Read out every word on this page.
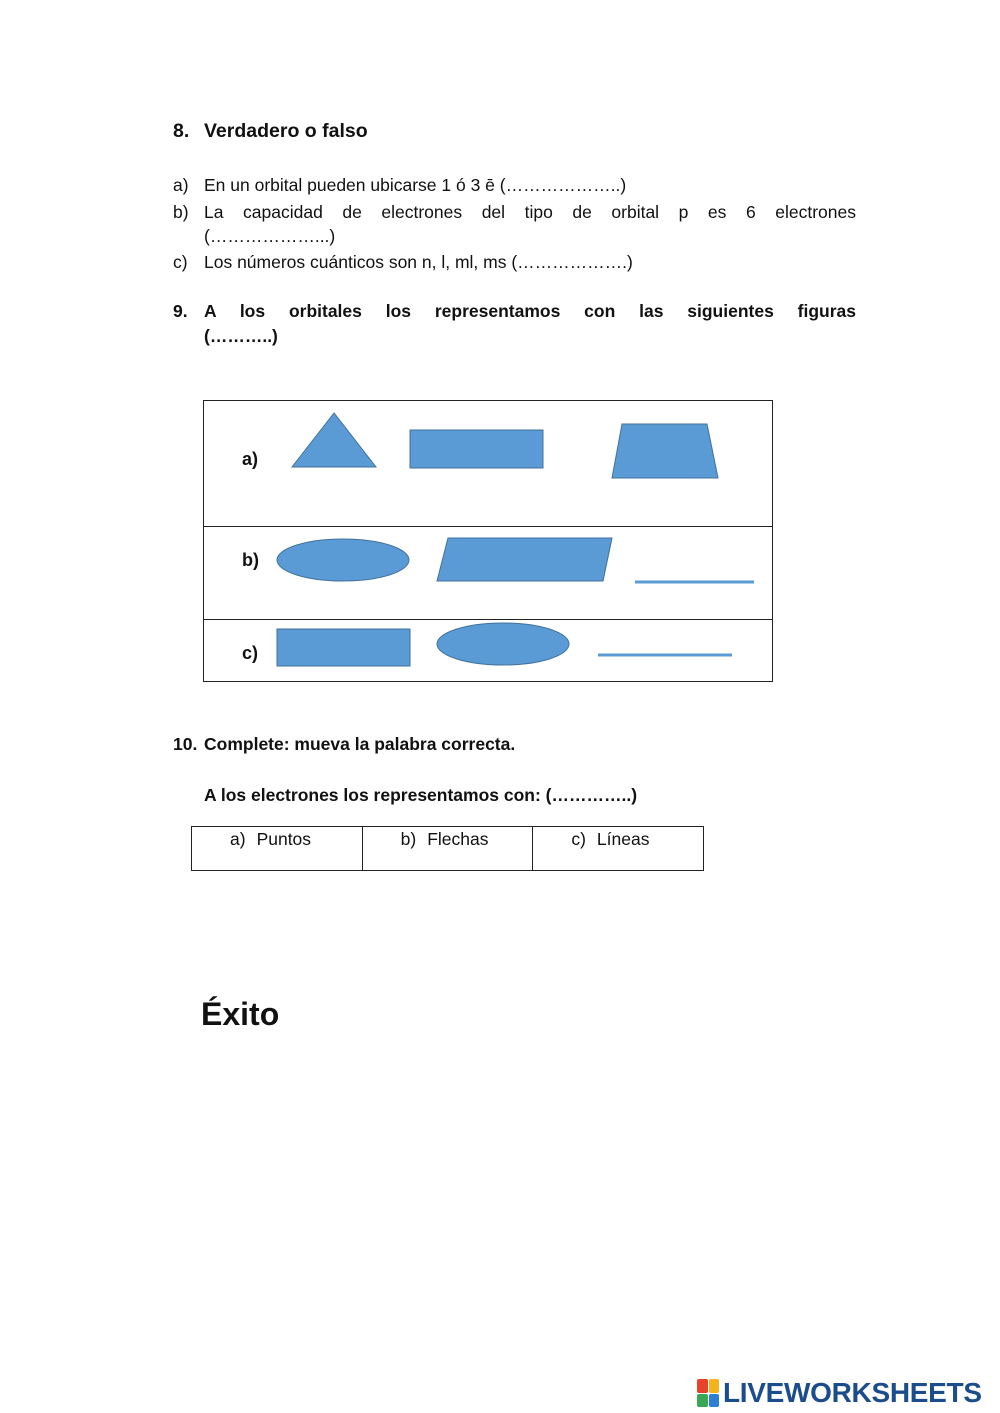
8. Verdadero o falso
a) En un orbital pueden ubicarse 1 ó 3 ē (………………..)
b) La capacidad de electrones del tipo de orbital p es 6 electrones
(………………...)
c) Los números cuánticos son n, l, ml, ms (……………….)
9. A los orbitales los representamos con las siguientes figuras
(………..)
a)
b)
c)
10. Complete: mueva la palabra correcta.
A los electrones los representamos con: (…………..)
a) Puntos	b) Flechas	c) Líneas
Éxito
LIVEWORKSHEETS
